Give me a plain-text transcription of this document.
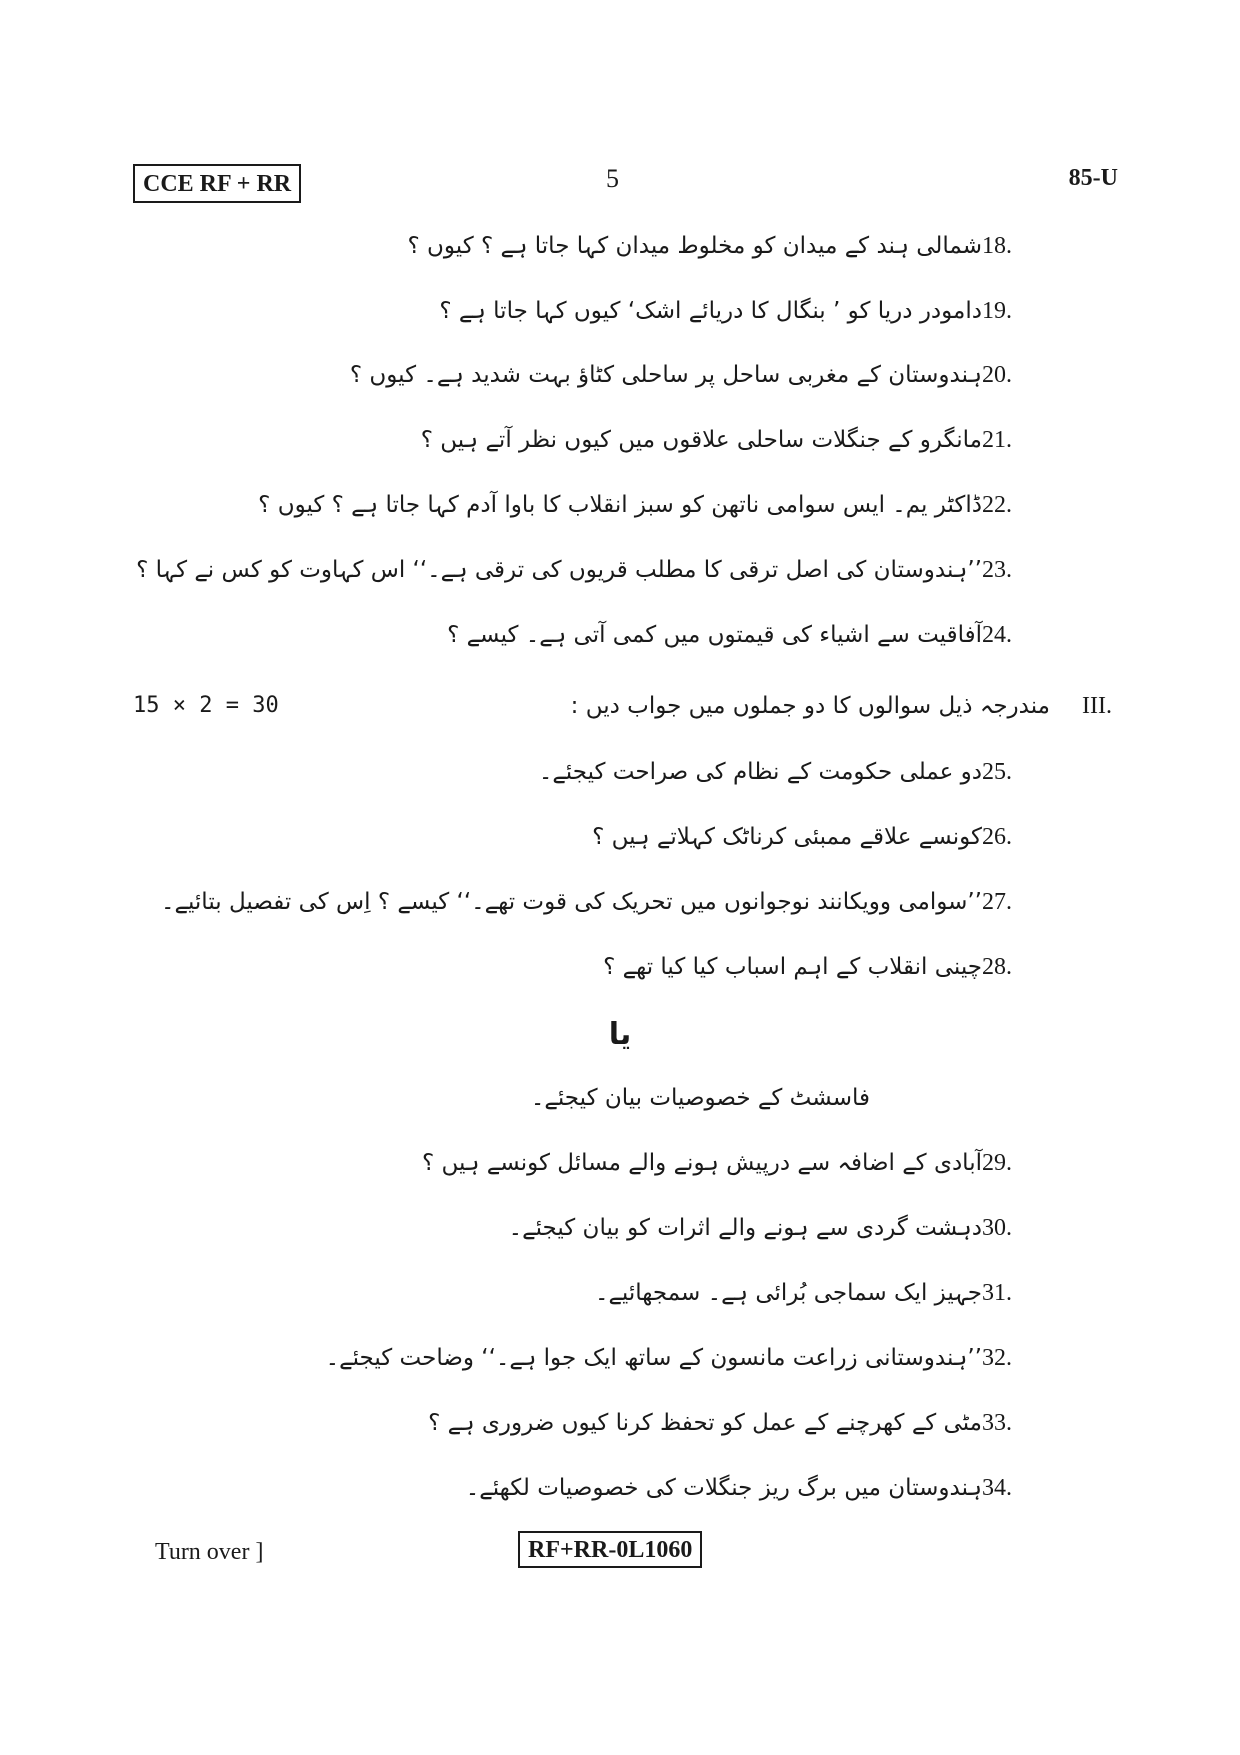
CCE RF + RR	5	85-U
18.
شمالی ہند کے میدان کو مخلوط میدان کہا جاتا ہے ؟ کیوں ؟
19.
دامودر دریا کو ’ بنگال کا دریائے اشک‘ کیوں کہا جاتا ہے ؟
20.
ہندوستان کے مغربی ساحل پر ساحلی کٹاؤ بہت شدید ہے۔ کیوں ؟
21.
مانگرو کے جنگلات ساحلی علاقوں میں کیوں نظر آتے ہیں ؟
22.
ڈاکٹر یم۔ ایس سوامی ناتھن کو سبز انقلاب کا باوا آدم کہا جاتا ہے ؟ کیوں ؟
23.
’’ہندوستان کی اصل ترقی کا مطلب قریوں کی ترقی ہے۔‘‘ اس کہاوت کو کس نے کہا ؟
24.
آفاقیت سے اشیاء کی قیمتوں میں کمی آتی ہے۔ کیسے ؟
15 × 2 = 30	III.
مندرجہ ذیل سوالوں کا دو جملوں میں جواب دیں :
25.
دو عملی حکومت کے نظام کی صراحت کیجئے۔
26.
کونسے علاقے ممبئی کرناٹک کہلاتے ہیں ؟
27.
’’سوامی وویکانند نوجوانوں میں تحریک کی قوت تھے۔‘‘ کیسے ؟ اِس کی تفصیل بتائیے۔
28.
چینی انقلاب کے اہم اسباب کیا کیا تھے ؟
یا
فاسشٹ کے خصوصیات بیان کیجئے۔
29.
آبادی کے اضافہ سے درپیش ہونے والے مسائل کونسے ہیں ؟
30.
دہشت گردی سے ہونے والے اثرات کو بیان کیجئے۔
31.
جہیز ایک سماجی بُرائی ہے۔ سمجھائیے۔
32.
’’ہندوستانی زراعت مانسون کے ساتھ ایک جوا ہے۔‘‘ وضاحت کیجئے۔
33.
مٹی کے کھرچنے کے عمل کو تحفظ کرنا کیوں ضروری ہے ؟
34.
ہندوستان میں برگ ریز جنگلات کی خصوصیات لکھئے۔
Turn over ]	RF+RR-0L1060
